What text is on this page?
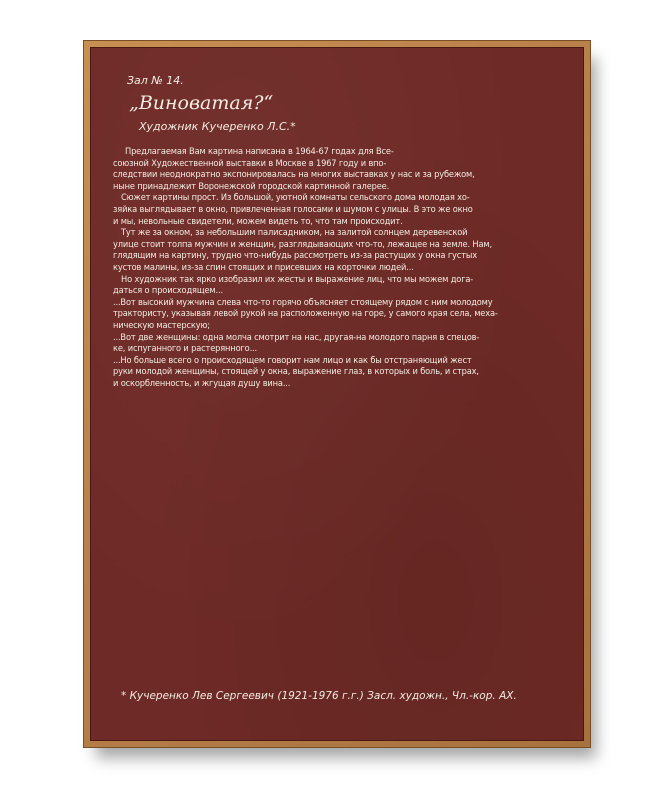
Зал № 14.
„Виноватая?“
Художник Кучеренко Л.С.*
Предлагаемая Вам картина написана в 1964-67 годах для Все-
союзной Художественной выставки в Москве в 1967 году и впо-
следствии неоднократно экспонировалась на многих выставках у нас и за рубежом,
ныне принадлежит Воронежской городской картинной галерее.
Сюжет картины прост. Из большой, уютной комнаты сельского дома молодая хо-
зяйка выглядывает в окно, привлеченная голосами и шумом с улицы. В это же окно
и мы, невольные свидетели, можем видеть то, что там происходит.
Тут же за окном, за небольшим палисадником, на залитой солнцем деревенской
улице стоит толпа мужчин и женщин, разглядывающих что-то, лежащее на земле. Нам,
глядящим на картину, трудно что-нибудь рассмотреть из-за растущих у окна густых
кустов малины, из-за спин стоящих и присевших на корточки людей...
Но художник так ярко изобразил их жесты и выражение лиц, что мы можем дога-
даться о происходящем...
...Вот высокий мужчина слева что-то горячо объясняет стоящему рядом с ним молодому
трактористу, указывая левой рукой на расположенную на горе, у самого края села, меха-
ническую мастерскую;
...Вот две женщины: одна молча смотрит на нас, другая-на молодого парня в спецов-
ке, испуганного и растерянного...
...Но больше всего о происходящем говорит нам лицо и как бы отстраняющий жест
руки молодой женщины, стоящей у окна, выражение глаз, в которых и боль, и страх,
и оскорбленность, и жгущая душу вина...
* Кучеренко Лев Сергеевич (1921-1976 г.г.) Засл. художн., Чл.-кор. АХ.
